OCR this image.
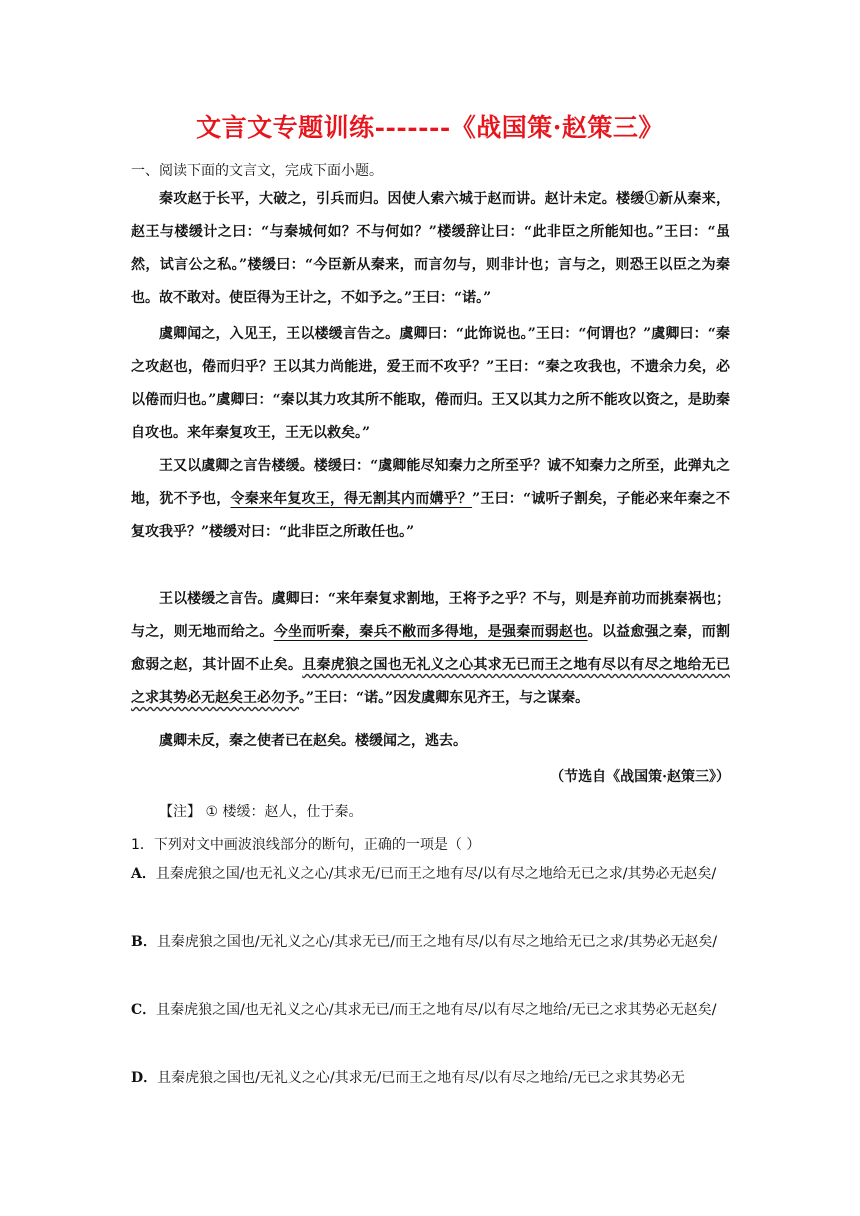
文言文专题训练-------《战国策·赵策三》
一、阅读下面的文言文，完成下面小题。

秦攻赵于长平，大破之，引兵而归。因使人索六城于赵而讲。赵计未定。楼缓①新从秦来，赵王与楼缓计之曰：“与秦城何如？不与何如？”楼缓辞让曰：“此非臣之所能知也。”王曰：“虽然，试言公之私。”楼缓曰：“今臣新从秦来，而言勿与，则非计也；言与之，则恐王以臣之为秦也。故不敢对。使臣得为王计之，不如予之。”王曰：“诺。”

虞卿闻之，入见王，王以楼缓言告之。虞卿曰：“此饰说也。”王曰：“何谓也？”虞卿曰：“秦之攻赵也，倦而归乎？王以其力尚能进，爱王而不攻乎？”王曰：“秦之攻我也，不遗余力矣，必以倦而归也。”虞卿曰：“秦以其力攻其所不能取，倦而归。王又以其力之所不能攻以资之，是助秦自攻也。来年秦复攻王，王无以救矣。”

王又以虞卿之言告楼缓。楼缓曰：“虞卿能尽知秦力之所至乎？诚不知秦力之所至，此弹丸之地，犹不予也，令秦来年复攻王，得无割其内而媾乎？”王曰：“诚听子割矣，子能必来年秦之不复攻我乎？”楼缓对曰：“此非臣之所敢任也。”

王以楼缓之言告。虞卿曰：“来年秦复求割地，王将予之乎？不与，则是弃前功而挑秦祸也；与之，则无地而给之。今坐而听秦，秦兵不敝而多得地，是强秦而弱赵也。以益愈强之秦，而割愈弱之赵，其计固不止矣。且秦虎狼之国也无礼义之心其求无已而王之地有尽以有尽之地给无已之求其势必无赵矣王必勿予。”王曰：“诺。”因发虞卿东见齐王，与之谋秦。

虞卿未反，秦之使者已在赵矣。楼缓闻之，逃去。

（节选自《战国策·赵策三》）
【注】 ① 楼缓：赵人，仕于秦。
1．下列对文中画波浪线部分的断句，正确的一项是（ ）

A．且秦虎狼之国/也无礼义之心/其求无/已而王之地有尽/以有尽之地给无已之求/其势必无赵矣/

B．且秦虎狼之国也/无礼义之心/其求无已/而王之地有尽/以有尽之地给无已之求/其势必无赵矣/

C．且秦虎狼之国/也无礼义之心/其求无已/而王之地有尽/以有尽之地给/无已之求其势必无赵矣/

D．且秦虎狼之国也/无礼义之心/其求无/已而王之地有尽/以有尽之地给/无已之求其势必无
